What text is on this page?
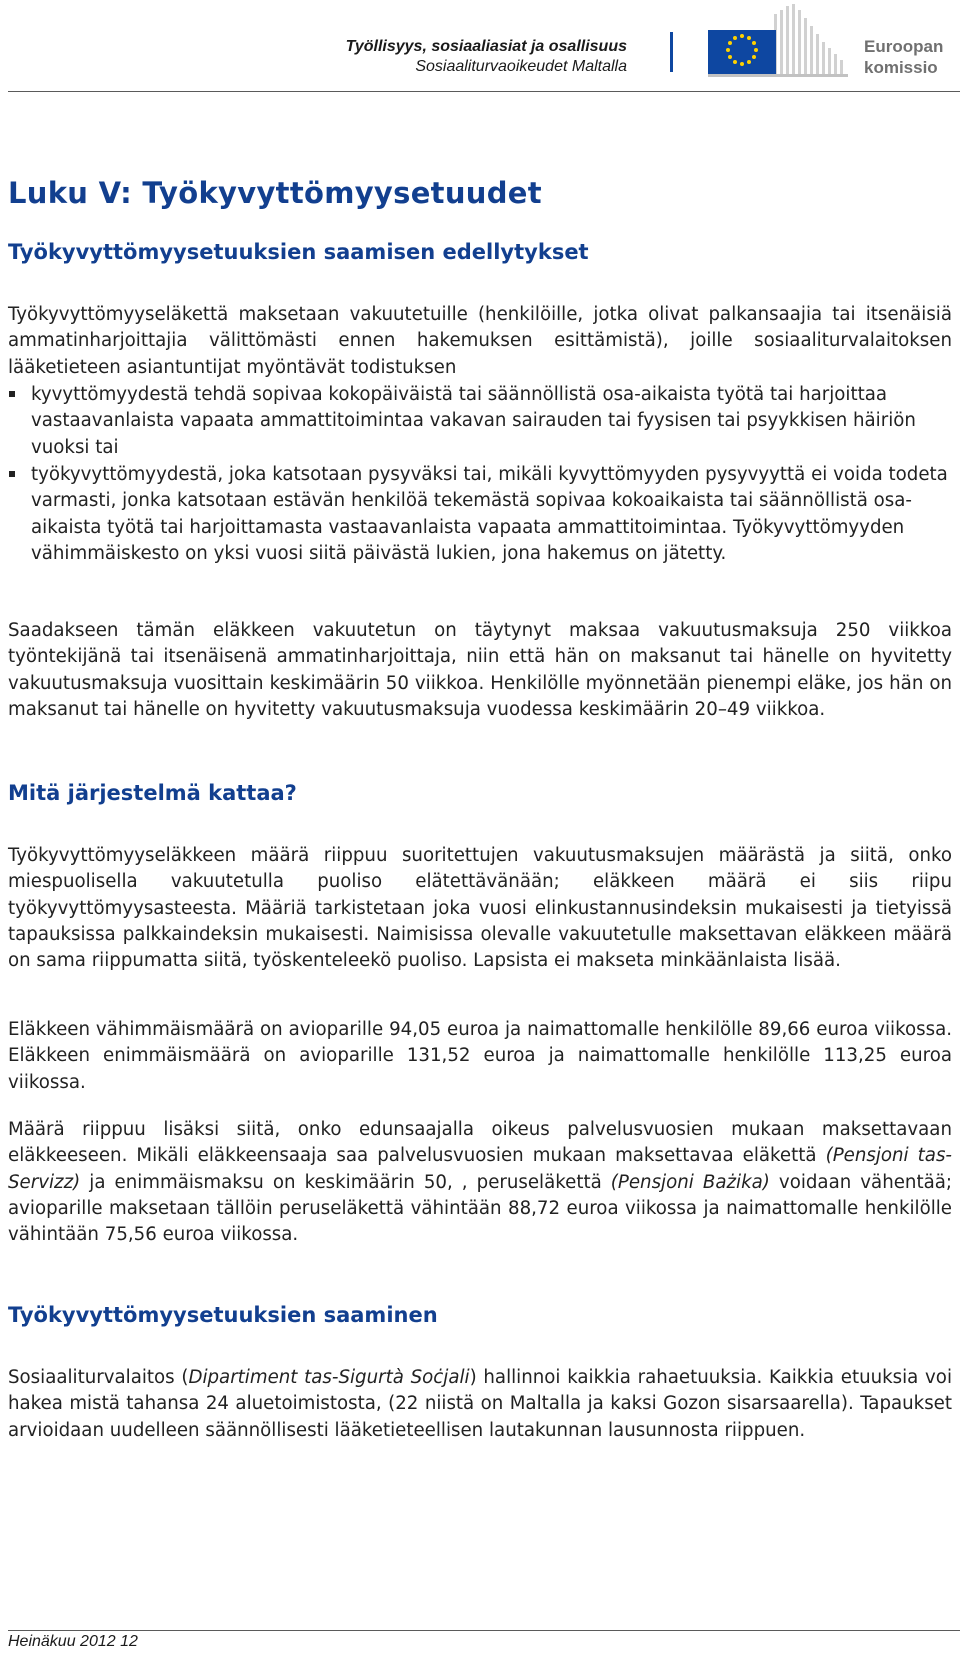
Työllisyys, sosiaaliasiat ja osallisuus
Sosiaaliturvaoikeudet Maltalla
Euroopan
komissio
Luku V: Työkyvyttömyysetuudet
Työkyvyttömyysetuuksien saamisen edellytykset

Työkyvyttömyyseläkettä maksetaan vakuutetuille (henkilöille, jotka olivat palkansaajia tai itsenäisiä ammatinharjoittajia välittömästi ennen hakemuksen esittämistä), joille sosiaaliturvalaitoksen lääketieteen asiantuntijat myöntävät todistuksen

kyvyttömyydestä tehdä sopivaa kokopäiväistä tai säännöllistä osa-aikaista työtä tai harjoittaa vastaavanlaista vapaata ammattitoimintaa vakavan sairauden tai fyysisen tai psyykkisen häiriön vuoksi tai

työkyvyttömyydestä, joka katsotaan pysyväksi tai, mikäli kyvyttömyyden pysyvyyttä ei voida todeta varmasti, jonka katsotaan estävän henkilöä tekemästä sopivaa kokoaikaista tai säännöllistä osa-aikaista työtä tai harjoittamasta vastaavanlaista vapaata ammattitoimintaa. Työkyvyttömyyden vähimmäiskesto on yksi vuosi siitä päivästä lukien, jona hakemus on jätetty.

Saadakseen tämän eläkkeen vakuutetun on täytynyt maksaa vakuutusmaksuja 250 viikkoa työntekijänä tai itsenäisenä ammatinharjoittaja, niin että hän on maksanut tai hänelle on hyvitetty vakuutusmaksuja vuosittain keskimäärin 50 viikkoa. Henkilölle myönnetään pienempi eläke, jos hän on maksanut tai hänelle on hyvitetty vakuutusmaksuja vuodessa keskimäärin 20–49 viikkoa.

Mitä järjestelmä kattaa?

Työkyvyttömyyseläkkeen määrä riippuu suoritettujen vakuutusmaksujen määrästä ja siitä, onko miespuolisella vakuutetulla puoliso elätettävänään; eläkkeen määrä ei siis riipu työkyvyttömyysasteesta. Määriä tarkistetaan joka vuosi elinkustannusindeksin mukaisesti ja tietyissä tapauksissa palkkaindeksin mukaisesti. Naimisissa olevalle vakuutetulle maksettavan eläkkeen määrä on sama riippumatta siitä, työskenteleekö puoliso. Lapsista ei makseta minkäänlaista lisää.

Eläkkeen vähimmäismäärä on avioparille 94,05 euroa ja naimattomalle henkilölle 89,66 euroa viikossa. Eläkkeen enimmäismäärä on avioparille 131,52 euroa ja naimattomalle henkilölle 113,25 euroa viikossa.

Määrä riippuu lisäksi siitä, onko edunsaajalla oikeus palvelusvuosien mukaan maksettavaan eläkkeeseen. Mikäli eläkkeensaaja saa palvelusvuosien mukaan maksettavaa eläkettä (Pensjoni tas-Servizz) ja enimmäismaksu on keskimäärin 50, , peruseläkettä (Pensjoni Bażika) voidaan vähentää; avioparille maksetaan tällöin peruseläkettä vähintään 88,72 euroa viikossa ja naimattomalle henkilölle vähintään 75,56 euroa viikossa.

Työkyvyttömyysetuuksien saaminen

Sosiaaliturvalaitos (Dipartiment tas-Sigurtà Soċjali) hallinnoi kaikkia rahaetuuksia. Kaikkia etuuksia voi hakea mistä tahansa 24 aluetoimistosta, (22 niistä on Maltalla ja kaksi Gozon sisarsaarella). Tapaukset arvioidaan uudelleen säännöllisesti lääketieteellisen lautakunnan lausunnosta riippuen.

Heinäkuu 2012 12
